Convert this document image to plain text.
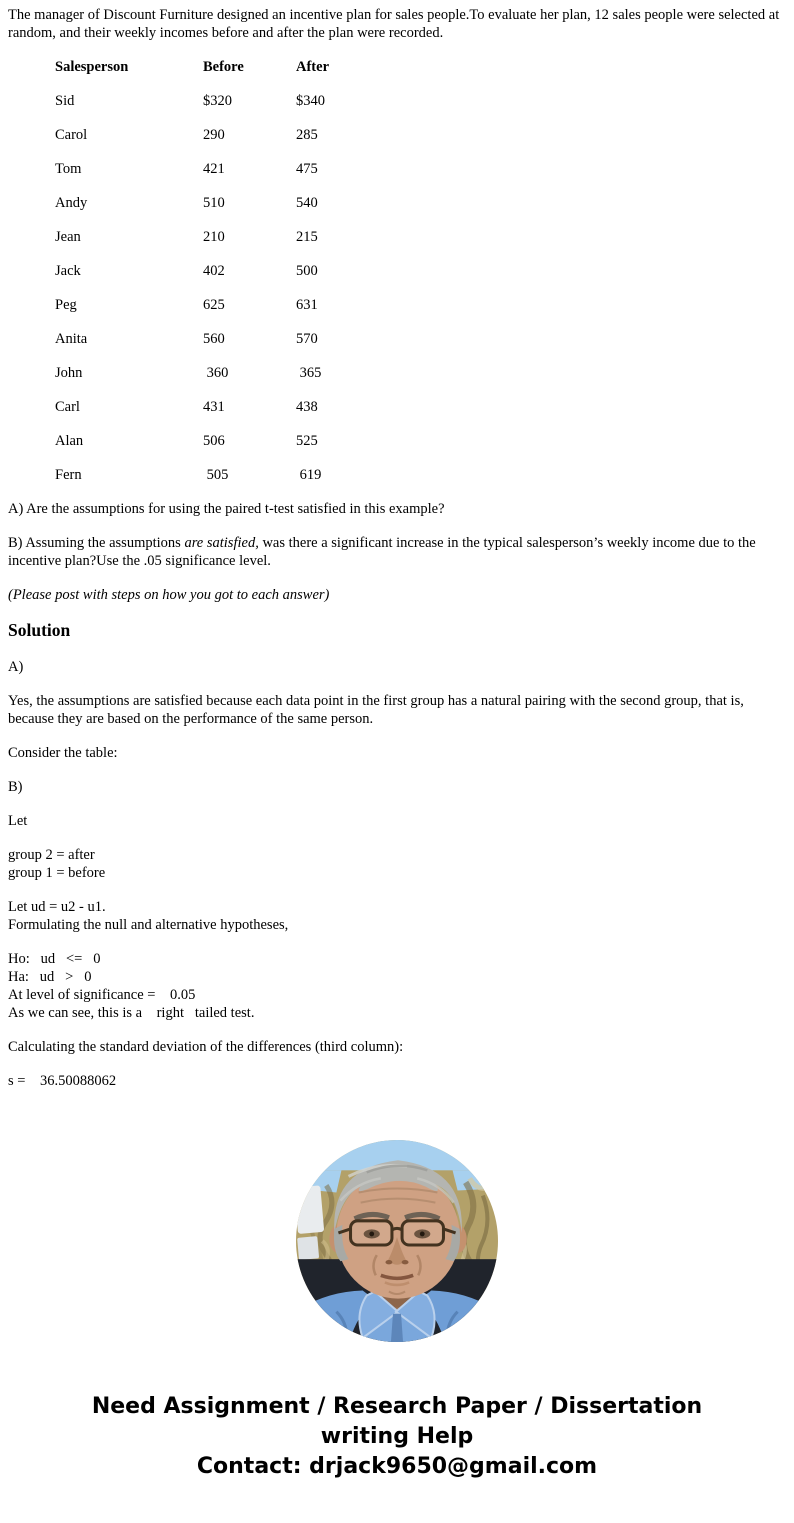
The manager of Discount Furniture designed an incentive plan for sales people.To evaluate her plan, 12 sales people were selected at random, and their weekly incomes before and after the plan were recorded.

Salesperson	Before	After
Sid	$320	$340
Carol	290	285
Tom	421	475
Andy	510	540
Jean	210	215
Jack	402	500
Peg	625	631
Anita	560	570
John	360	365
Carl	431	438
Alan	506	525
Fern	505	619

A) Are the assumptions for using the paired t-test satisfied in this example?

B) Assuming the assumptions are satisfied, was there a significant increase in the typical salesperson’s weekly income due to the incentive plan?Use the .05 significance level.

(Please post with steps on how you got to each answer)

Solution

A)

Yes, the assumptions are satisfied because each data point in the first group has a natural pairing with the second group, that is, because they are based on the performance of the same person.

Consider the table:

B)

Let

group 2 = after
group 1 = before

Let ud = u2 - u1.
Formulating the null and alternative hypotheses,

Ho:   ud   <=   0
Ha:   ud   >   0
At level of significance =    0.05
As we can see, this is a    right   tailed test.

Calculating the standard deviation of the differences (third column):

s =    36.50088062

Need Assignment / Research Paper / Dissertation
writing Help
Contact: drjack9650@gmail.com
